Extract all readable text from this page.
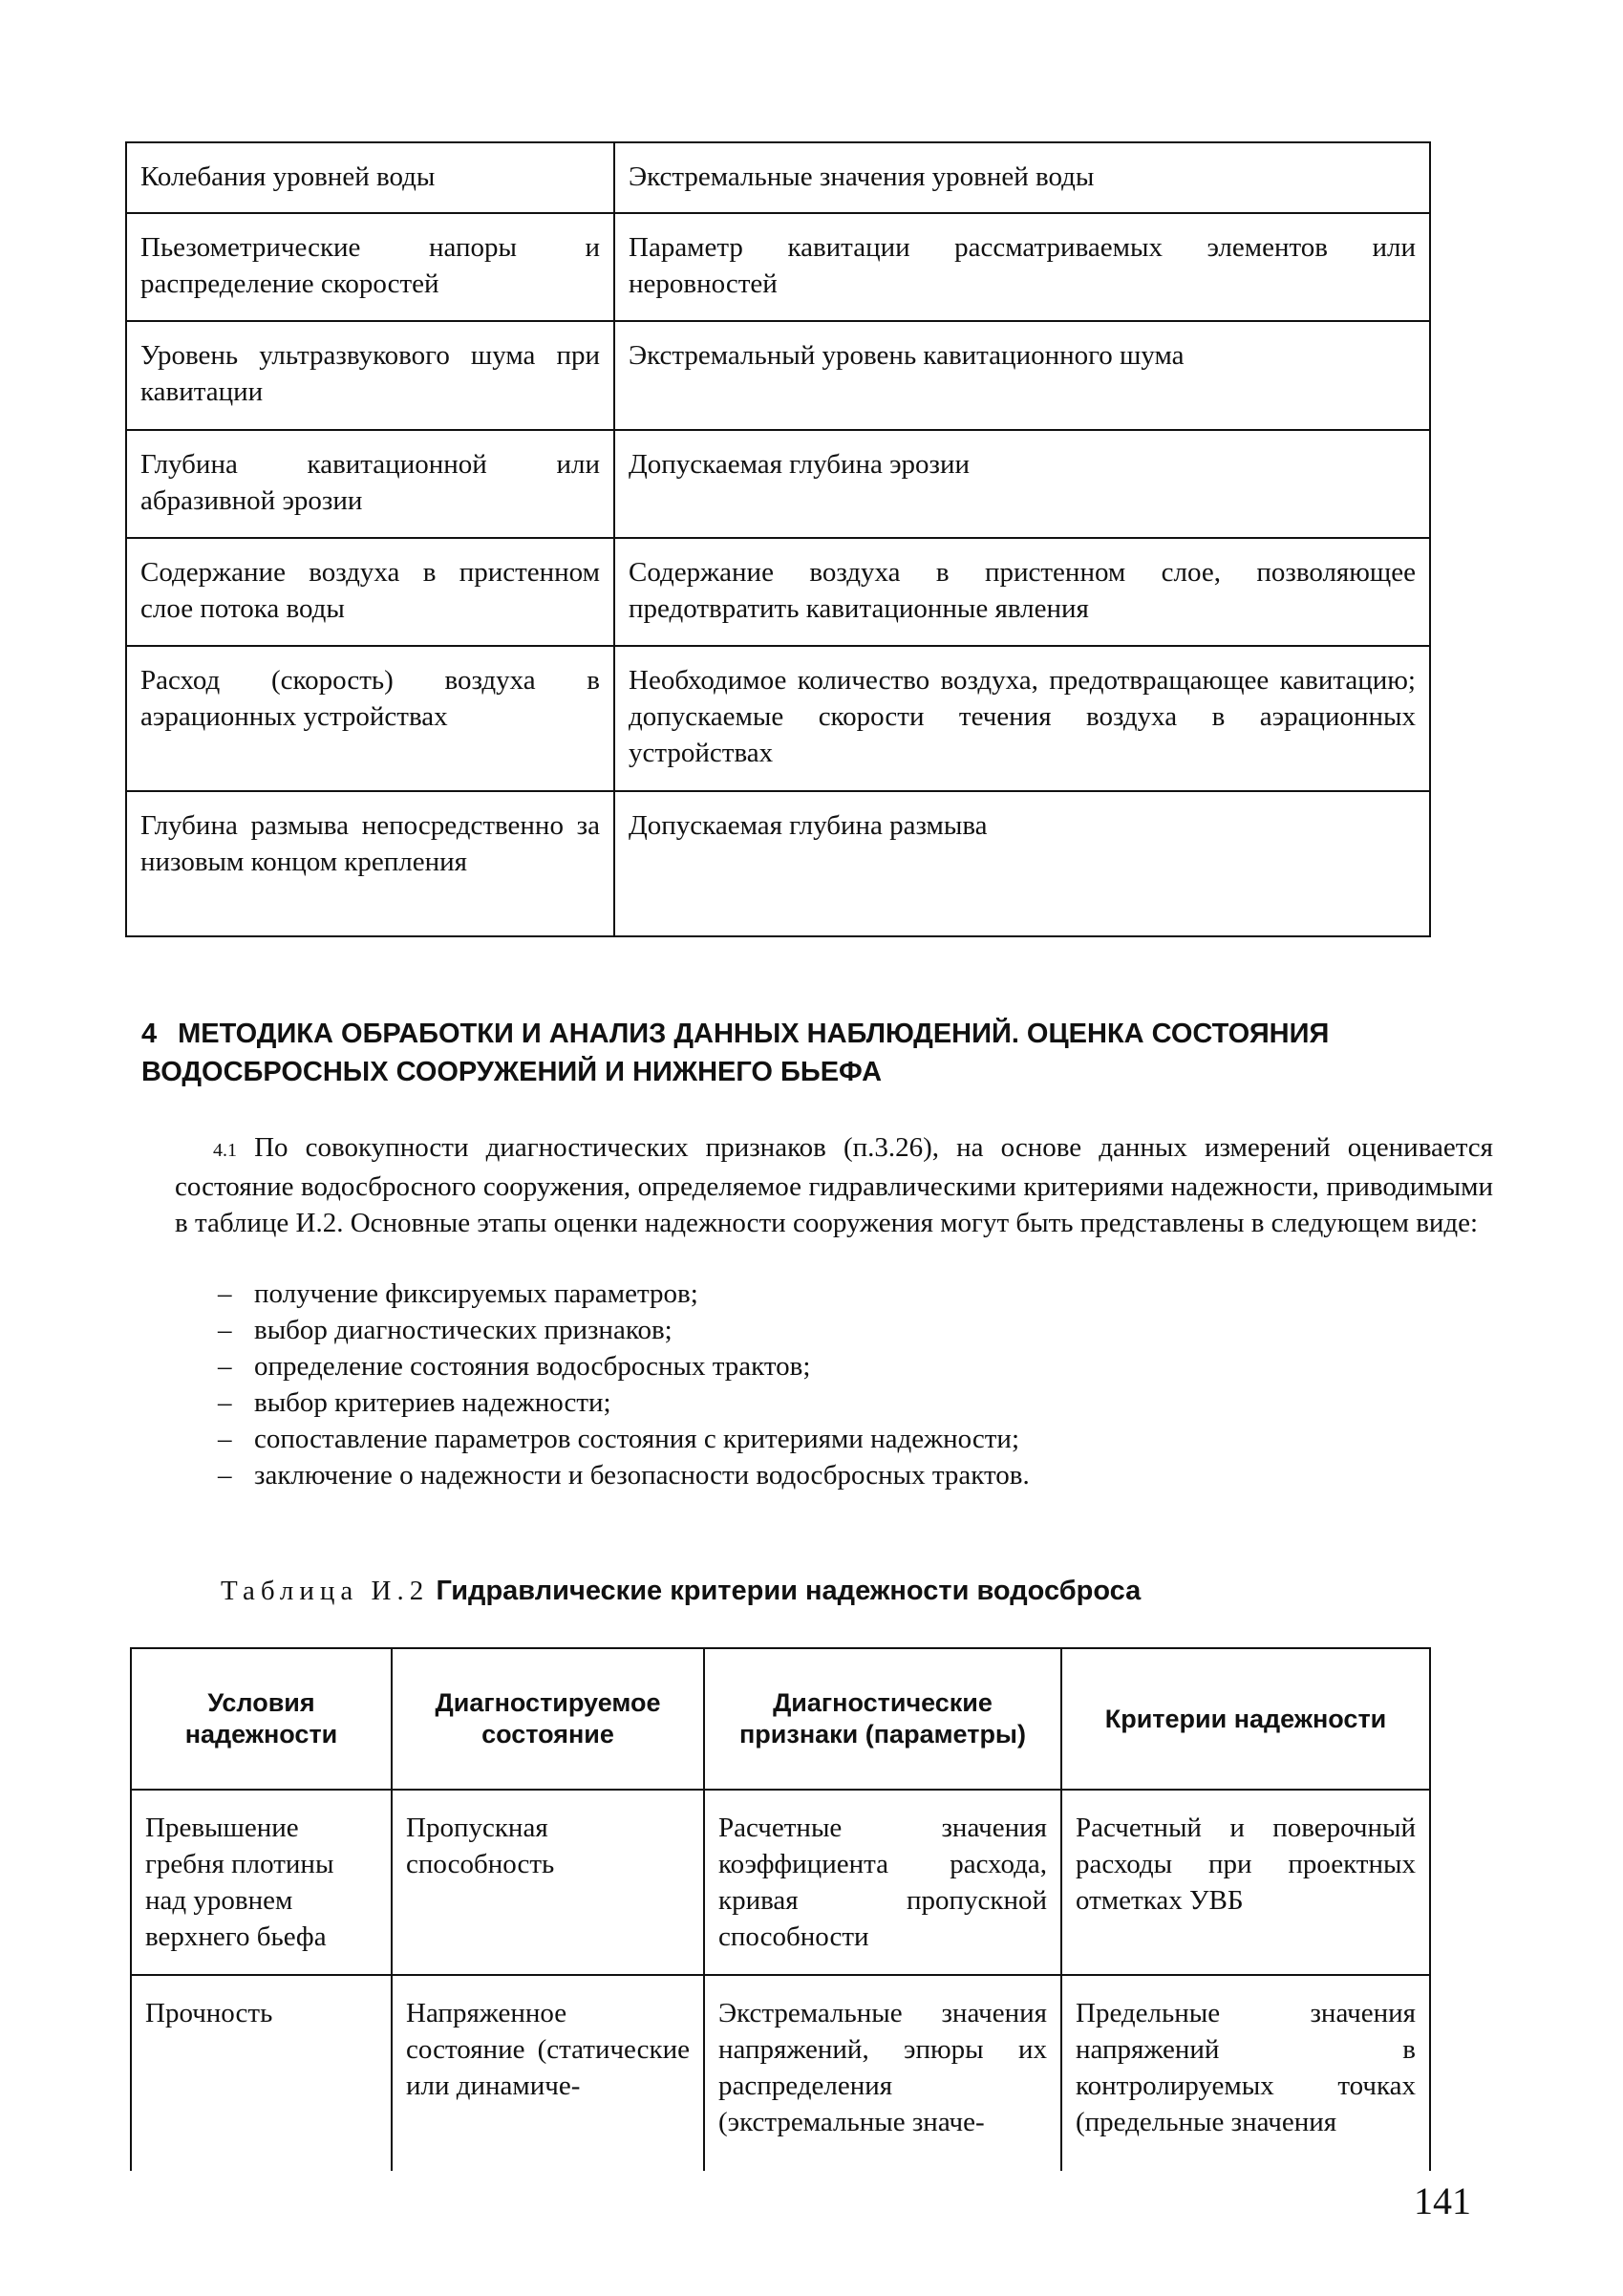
Колебания уровней воды	Экстремальные значения уровней воды
Пьезометрические напоры и распределение скоростей	Параметр кавитации рассматриваемых элементов или неровностей
Уровень ультразвукового шума при кавитации	Экстремальный уровень кавитационного шума
Глубина кавитационной или абразивной эрозии	Допускаемая глубина эрозии
Содержание воздуха в пристенном слое потока воды	Содержание воздуха в пристенном слое, позволяющее предотвратить кавитационные явления
Расход (скорость) воздуха в аэрационных устройствах	Необходимое количество воздуха, предотвращающее кавитацию; допускаемые скорости течения воздуха в аэрационных устройствах
Глубина размыва непосредственно за низовым концом крепления	Допускаемая глубина размыва
4 МЕТОДИКА ОБРАБОТКИ И АНАЛИЗ ДАННЫХ НАБЛЮДЕНИЙ. ОЦЕНКА СОСТОЯНИЯ ВОДОСБРОСНЫХ СООРУЖЕНИЙ И НИЖНЕГО БЬЕФА
4.1 По совокупности диагностических признаков (п.3.26), на основе данных измерений оценивается состояние водосбросного сооружения, определяемое гидравлическими критериями надежности, приводимыми в таблице И.2. Основные этапы оценки надежности сооружения могут быть представлены в следующем виде:
– получение фиксируемых параметров;
– выбор диагностических признаков;
– определение состояния водосбросных трактов;
– выбор критериев надежности;
– сопоставление параметров состояния с критериями надежности;
– заключение о надежности и безопасности водосбросных трактов.
Таблица И.2 Гидравлические критерии надежности водосброса
Условия надежности	Диагностируемое состояние	Диагностические признаки (параметры)	Критерии надежности
Превышение гребня плотины над уровнем верхнего бьефа	Пропускная способность	Расчетные значения коэффициента расхода, кривая пропускной способности	Расчетный и поверочный расходы при проектных отметках УВБ
Прочность	Напряженное состояние (статические или динамиче-	Экстремальные значения напряжений, эпюры их распределения (экстремальные значе-	Предельные значения напряжений в контролируемых точках (предельные значения
141
